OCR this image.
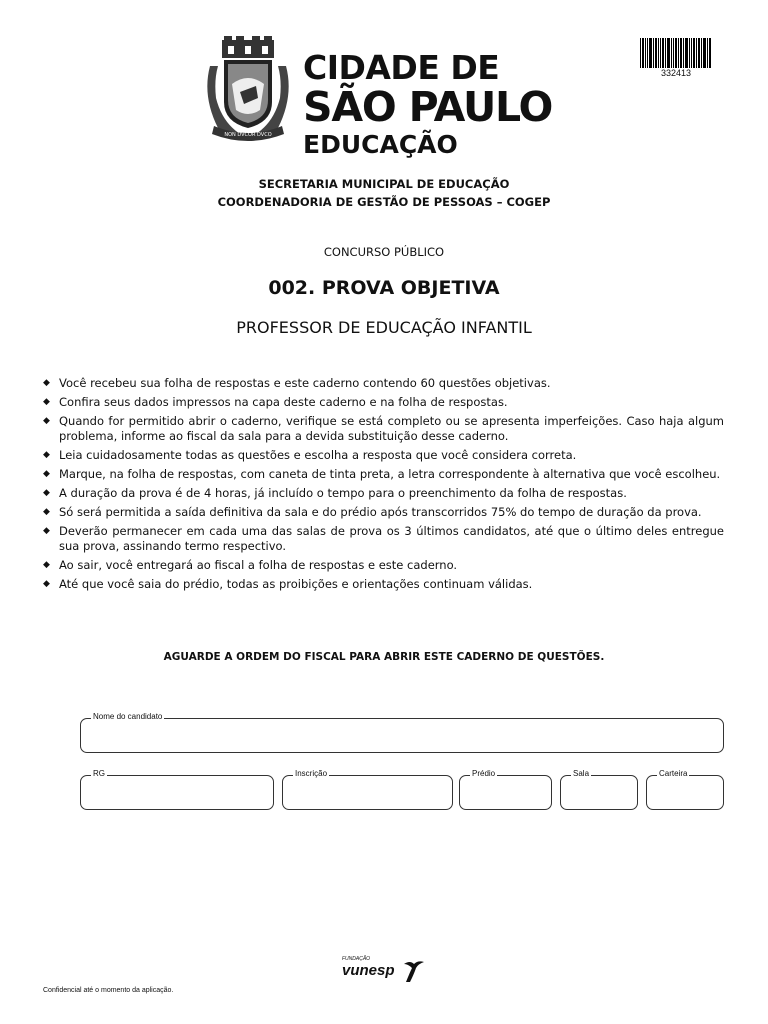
NON DVCOR DVCO
CIDADE DE
SÃO PAULO
EDUCAÇÃO
332413
SECRETARIA MUNICIPAL DE EDUCAÇÃO
COORDENADORIA DE GESTÃO DE PESSOAS – COGEP
CONCURSO PÚBLICO
002. PROVA OBJETIVA
PROFESSOR DE EDUCAÇÃO INFANTIL
◆ Você recebeu sua folha de respostas e este caderno contendo 60 questões objetivas.
◆ Confira seus dados impressos na capa deste caderno e na folha de respostas.
◆ Quando for permitido abrir o caderno, verifique se está completo ou se apresenta imperfeições. Caso haja algum problema, informe ao fiscal da sala para a devida substituição desse caderno.
◆ Leia cuidadosamente todas as questões e escolha a resposta que você considera correta.
◆ Marque, na folha de respostas, com caneta de tinta preta, a letra correspondente à alternativa que você escolheu.
◆ A duração da prova é de 4 horas, já incluído o tempo para o preenchimento da folha de respostas.
◆ Só será permitida a saída definitiva da sala e do prédio após transcorridos 75% do tempo de duração da prova.
◆ Deverão permanecer em cada uma das salas de prova os 3 últimos candidatos, até que o último deles entregue sua prova, assinando termo respectivo.
◆ Ao sair, você entregará ao fiscal a folha de respostas e este caderno.
◆ Até que você saia do prédio, todas as proibições e orientações continuam válidas.
AGUARDE A ORDEM DO FISCAL PARA ABRIR ESTE CADERNO DE QUESTÕES.
Nome do candidato
RG	Inscrição	Prédio	Sala	Carteira
FUNDAÇÃO
vunesp
Confidencial até o momento da aplicação.
